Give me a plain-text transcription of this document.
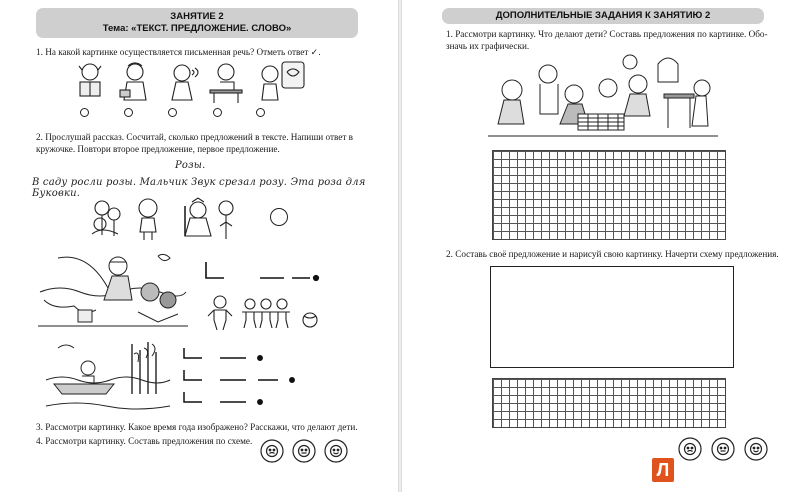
ЗАНЯТИЕ 2
Тема: «ТЕКСТ. ПРЕДЛОЖЕНИЕ. СЛОВО»
1. На какой картинке осуществляется письменная речь? Отметь ответ ✓.
2. Прослушай рассказ. Сосчитай, сколько предложений в тексте. Напиши ответ в
кружочке. Повтори второе предложение, первое предложение.
Розы.
В саду росли розы. Мальчик Звук срезал розу. Эта роза для Буковки.
3. Рассмотри картинку. Какое время года изображено? Расскажи, что делают дети.
4. Рассмотри картинку. Составь предложения по схеме.
ДОПОЛНИТЕЛЬНЫЕ ЗАДАНИЯ К ЗАНЯТИЮ 2
1. Рассмотри картинку. Что делают дети? Составь предложения по картинке. Обо-
значь их графически.
2. Составь своё предложение и нарисуй свою картинку. Начерти схему предложения.
Л
